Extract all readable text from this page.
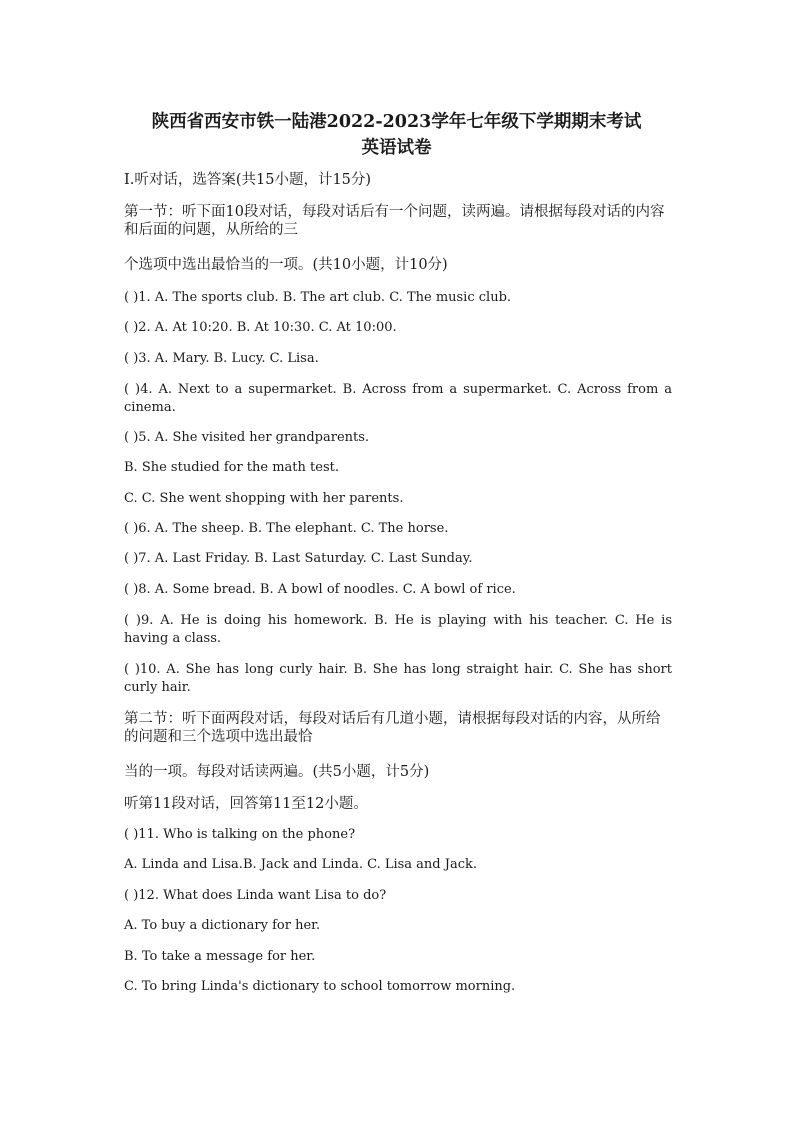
陕西省西安市铁一陆港2022-2023学年七年级下学期期末考试
英语试卷
I.听对话，选答案(共15小题，计15分)
第一节：听下面10段对话，每段对话后有一个问题，读两遍。请根据每段对话的内容和后面的问题，从所给的三
个选项中选出最恰当的一项。(共10小题，计10分)
( )1. A. The sports club. B. The art club. C. The music club.
( )2. A. At 10:20. B. At 10:30. C. At 10:00.
( )3. A. Mary. B. Lucy. C. Lisa.
( )4. A. Next to a supermarket. B. Across from a supermarket. C. Across from a cinema.
( )5. A. She visited her grandparents.
B. She studied for the math test.
C. C. She went shopping with her parents.
( )6. A. The sheep. B. The elephant. C. The horse.
( )7. A. Last Friday. B. Last Saturday. C. Last Sunday.
( )8. A. Some bread. B. A bowl of noodles. C. A bowl of rice.
( )9. A. He is doing his homework. B. He is playing with his teacher. C. He is having a class.
( )10. A. She has long curly hair. B. She has long straight hair. C. She has short curly hair.
第二节：听下面两段对话，每段对话后有几道小题，请根据每段对话的内容，从所给的问题和三个选项中选出最恰
当的一项。每段对话读两遍。(共5小题，计5分)
听第11段对话，回答第11至12小题。
( )11. Who is talking on the phone?
A. Linda and Lisa.B. Jack and Linda. C. Lisa and Jack.
( )12. What does Linda want Lisa to do?
A. To buy a dictionary for her.
B. To take a message for her.
C. To bring Linda's dictionary to school tomorrow morning.
